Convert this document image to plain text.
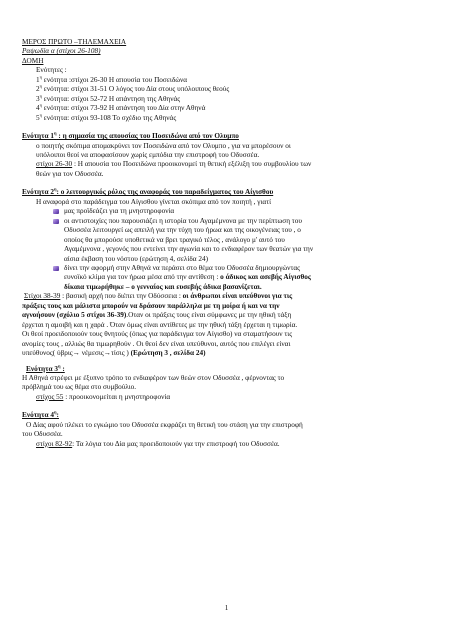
ΜΕΡΟΣ ΠΡΩΤΟ –ΤΗΛΕΜΑΧΕΙΑ

Ραψωδία α (στίχοι 26-108)

ΔΟΜΗ

Ενότητες :

$1^\eta$ ενότητα :στίχοι 26-30 Η απουσία του Ποσειδώνα

$2^\eta$ ενότητα: στίχοι 31-51 Ο λόγος του Δία στους υπόλοιπους θεούς

$3^\eta$ ενότητα: στίχοι 52-72 Η απάντηση της Αθηνάς

$4^\eta$ ενότητα: στίχοι 73-92 Η απάντηση του Δία στην Αθηνά

$5^\eta$ ενότητα: στίχοι 93-108 Το σχέδιο της Αθηνάς

Ενότητα $1^\eta$ : η σημασία της απουσίας του Ποσειδώνα από τον Ολυμπο

ο ποιητής σκόπιμα απομακρύνει τον Ποσειδώνα από τον Ολυμπο , για να μπορέσουν οι

υπόλοιποι θεοί να αποφασίσουν χωρίς εμπόδια την επιστροφή του Οδυσσέα.

στίχοι 26-30 : Η απουσία του Ποσειδώνα προοικονομεί τη θετική εξέλιξη του συμβουλίου των

θεών για τον Οδυσσέα.

Ενότητα $2^\eta$: ο λειτουργικός ρόλος της αναφοράς του παραδείγματος του Αίγισθου

Η αναφορά στο παράδειγμα του Αίγισθου γίνεται σκόπιμα από τον ποιητή , γιατί

μας προϊδεάζει για τη μνηστηροφονία

οι αντιστοιχίες που παρουσιάζει η ιστορία του Αγαμέμνονα με την περίπτωση του

Οδυσσέα λειτουργεί ως απειλή για την τύχη του ήρωα και της οικογένειας του , ο

οποίος θα μπορούσε υποθετικά να βρει τραγικό τέλος , ανάλογο μ' αυτό του

Αγαμέμνονα , γεγονός που εντείνει την αγωνία και το ενδιαφέρον των θεατών για την

αίσια έκβαση του νόστου (ερώτηση 4, σελίδα 24)

δίνει την αφορμή στην Αθηνά να περάσει στο θέμα του Οδυσσέα δημιουργώντας

ευνοϊκό κλίμα για τον ήρωα μέσα από την αντίθεση : ο άδικος και ασεβής Αίγισθος

δίκαια τιμωρήθηκε – ο γενναίος και ευσεβής άδικα βασανίζεται.

Στίχοι 38-39 : βασική αρχή που διέπει την Οδύσσεια : οι άνθρωποι είναι υπεύθυνοι για τις

πράξεις τους και μάλιστα μπορούν να δράσουν παράλληλα με τη μοίρα ή και να την

αγνοήσουν (σχόλιο 5 στίχοι 36-39).Οταν οι πράξεις τους είναι σύμφωνες με την ηθική τάξη

έρχεται η αμοιβή και η χαρά . Όταν όμως είναι αντίθετες με την ηθική τάξη έρχεται η τιμωρία.

Οι θεοί προειδοποιούν τους θνητούς (όπως για παράδειγμα τον Αίγισθο) να σταματήσουν τις

ανομίες τους , αλλιώς θα τιμωρηθούν . Οι θεοί δεν είναι υπεύθυνοι, αυτός που επιλέγει είναι

υπεύθυνος( ύβρις→ νέμεσις→τίσις ) (Ερώτηση 3 , σελίδα 24)

Ενότητα $3^\eta$ :

Η Αθηνά στρέφει με έξυπνο τρόπο το ενδιαφέρον των θεών στον Οδυσσέα , φέρνοντας το

πρόβλημά του ως θέμα στο συμβούλιο.

στίχος 55 : προοικονομείται η μνηστηροφονία

Ενότητα $4^\eta$:

Ο Δίας αφού πλέκει το εγκώμιο του Οδυσσέα εκφράζει τη θετική του στάση για την επιστροφή

του Οδυσσέα.

στίχοι 82-92: Τα λόγια του Δία μας προειδοποιούν για την επιστροφή του Οδυσσέα.

1
